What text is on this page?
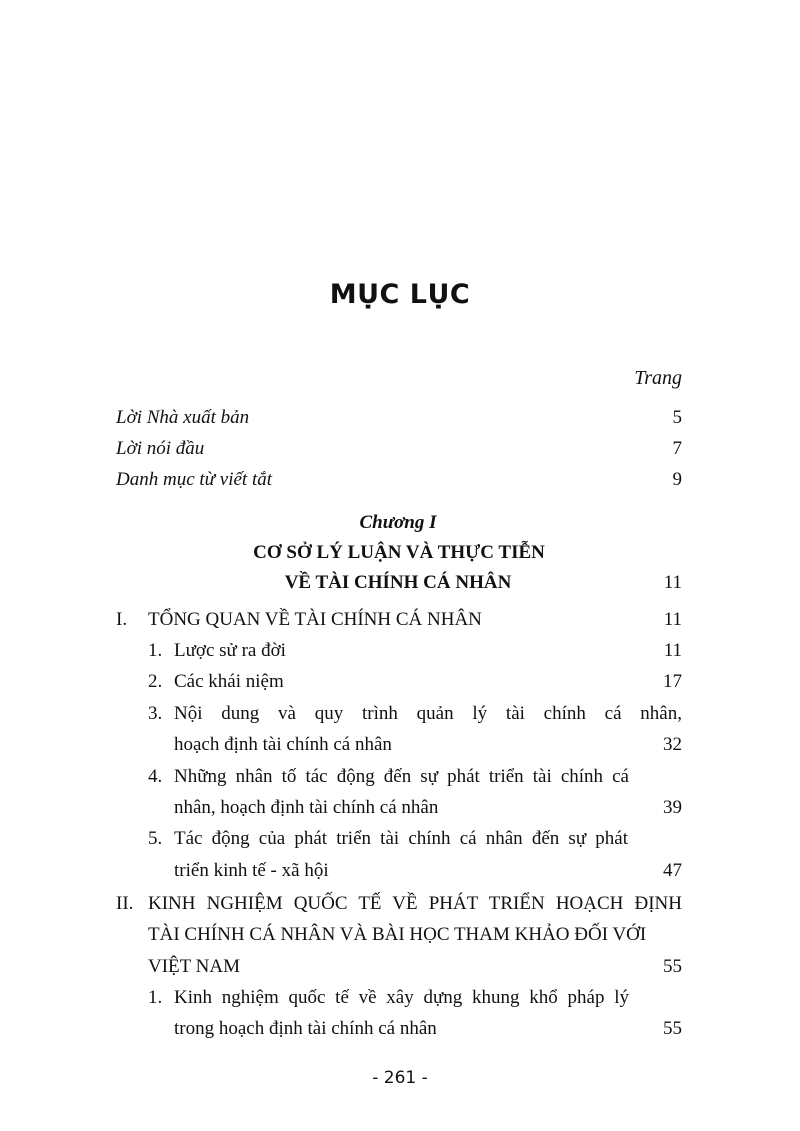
MỤC LỤC
Trang
Lời Nhà xuất bản	5
Lời nói đầu	7
Danh mục từ viết tắt	9
Chương I
CƠ SỞ LÝ LUẬN VÀ THỰC TIỄN
VỀ TÀI CHÍNH CÁ NHÂN	11
I. TỔNG QUAN VỀ TÀI CHÍNH CÁ NHÂN	11
1. Lược sử ra đời	11
2. Các khái niệm	17
3. Nội dung và quy trình quản lý tài chính cá nhân,
hoạch định tài chính cá nhân	32
4. Những nhân tố tác động đến sự phát triển tài chính cá
nhân, hoạch định tài chính cá nhân	39
5. Tác động của phát triển tài chính cá nhân đến sự phát
triển kinh tế - xã hội	47
II. KINH NGHIỆM QUỐC TẾ VỀ PHÁT TRIỂN HOẠCH ĐỊNH
TÀI CHÍNH CÁ NHÂN VÀ BÀI HỌC THAM KHẢO ĐỐI VỚI
VIỆT NAM	55
1. Kinh nghiệm quốc tế về xây dựng khung khổ pháp lý
trong hoạch định tài chính cá nhân	55
- 261 -
